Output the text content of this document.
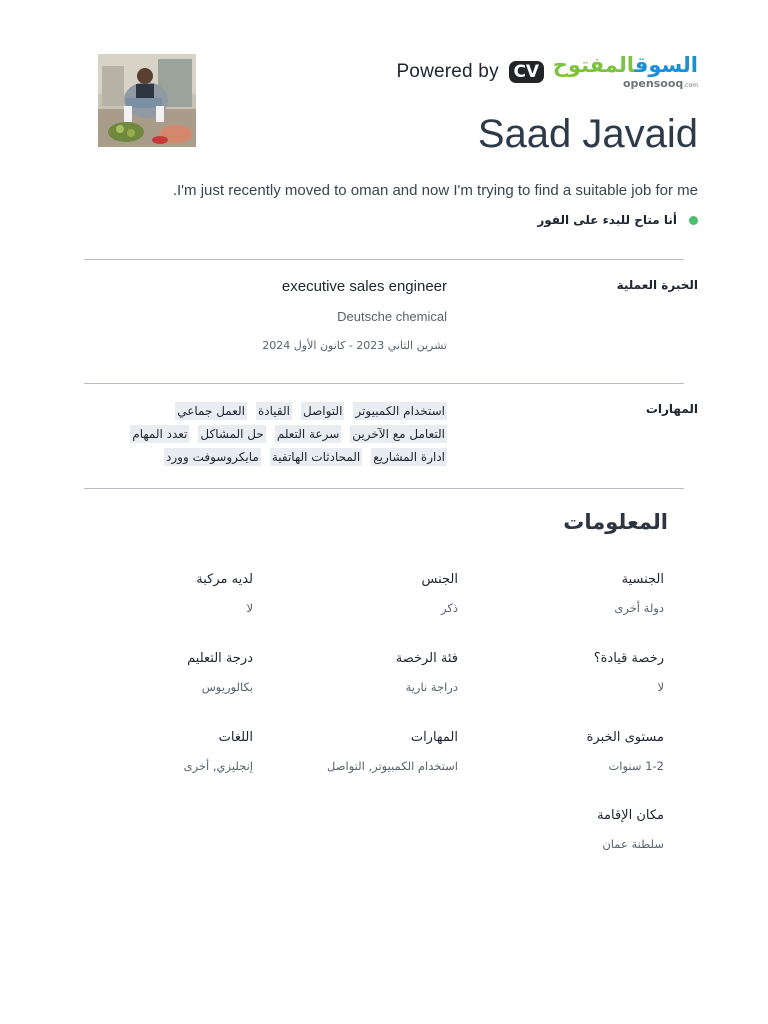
Powered by CV	السوقالمفتوح
opensooq.com
Saad Javaid
I'm just recently moved to oman and now I'm trying to find a suitable job for me.
أنا متاح للبدء على الفور
الخبرة العملية
executive sales engineer
Deutsche chemical
تشرين الثاني 2023 - كانون الأول 2024
المهارات
استخدام الكمبيوتر
التواصل
القيادة
العمل جماعي
التعامل مع الآخرين
سرعة التعلم
حل المشاكل
تعدد المهام
ادارة المشاريع
المحادثات الهاتفية
مايكروسوفت وورد
المعلومات
الجنسية
دولة أخرى
الجنس
ذكر
لديه مركبة
لا
رخصة قيادة؟
لا
فئة الرخصة
دراجة نارية
درجة التعليم
بكالوريوس
مستوى الخبرة
1-2 سنوات
المهارات
استخدام الكمبيوتر, التواصل
اللغات
إنجليزي, أخرى
مكان الإقامة
سلطنة عمان
